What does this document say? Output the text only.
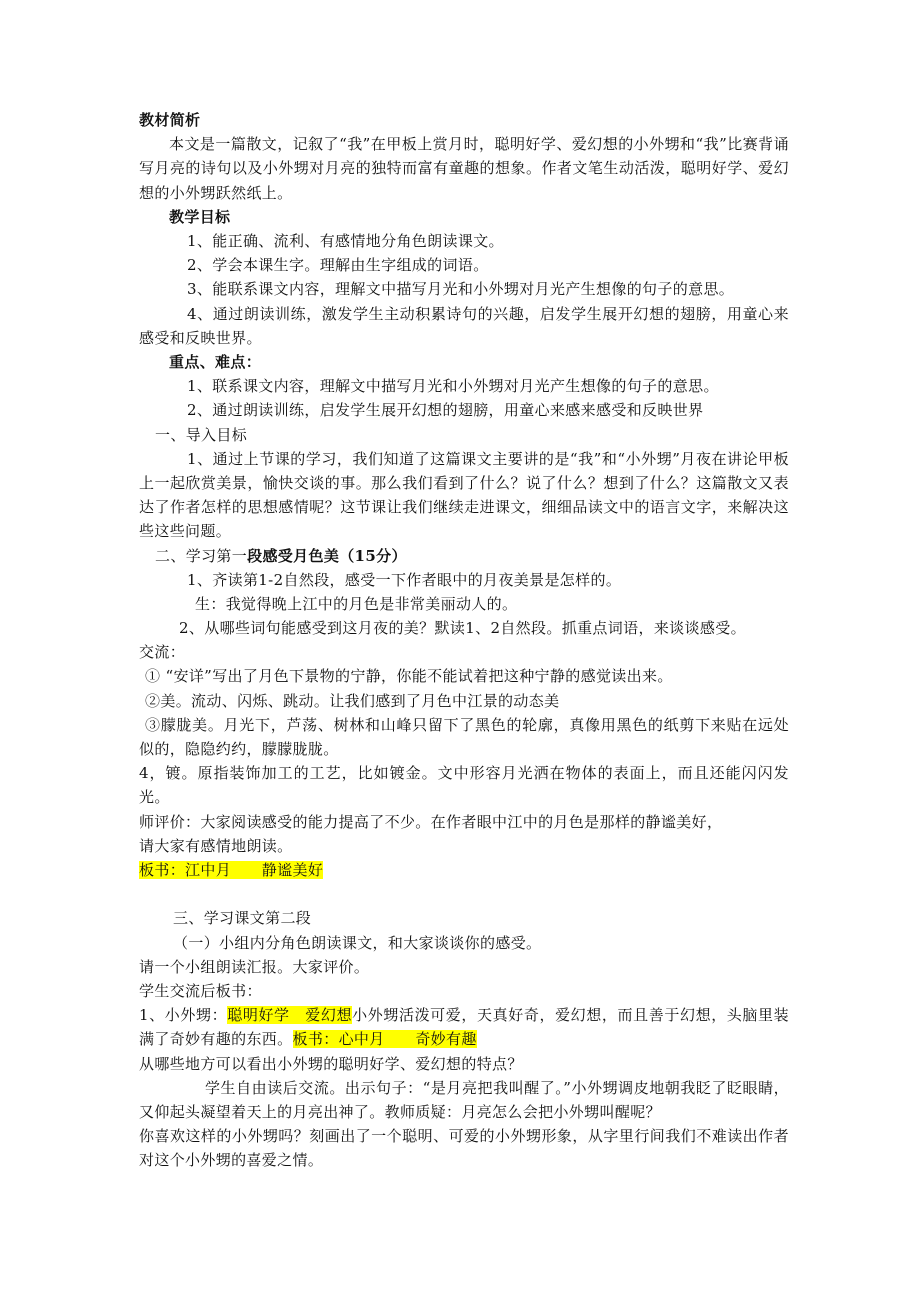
教材简析
本文是一篇散文，记叙了“我”在甲板上赏月时，聪明好学、爱幻想的小外甥和“我”比赛背诵写月亮的诗句以及小外甥对月亮的独特而富有童趣的想象。作者文笔生动活泼，聪明好学、爱幻想的小外甥跃然纸上。
教学目标
1、能正确、流利、有感情地分角色朗读课文。
2、学会本课生字。理解由生字组成的词语。
3、能联系课文内容，理解文中描写月光和小外甥对月光产生想像的句子的意思。
4、通过朗读训练，激发学生主动积累诗句的兴趣，启发学生展开幻想的翅膀，用童心来感受和反映世界。
重点、难点：
1、联系课文内容，理解文中描写月光和小外甥对月光产生想像的句子的意思。
2、通过朗读训练，启发学生展开幻想的翅膀，用童心来感来感受和反映世界
一、导入目标
1、通过上节课的学习，我们知道了这篇课文主要讲的是“我”和“小外甥”月夜在讲论甲板上一起欣赏美景，愉快交谈的事。那么我们看到了什么？说了什么？想到了什么？这篇散文又表达了作者怎样的思想感情呢？这节课让我们继续走进课文，细细品读文中的语言文字，来解决这些这些问题。
二、学习第一段感受月色美（15分）
1、齐读第1-2自然段，感受一下作者眼中的月夜美景是怎样的。
生：我觉得晚上江中的月色是非常美丽动人的。
2、从哪些词句能感受到这月夜的美？默读1、2自然段。抓重点词语，来谈谈感受。
交流：
① “安详”写出了月色下景物的宁静，你能不能试着把这种宁静的感觉读出来。
②美。流动、闪烁、跳动。让我们感到了月色中江景的动态美
③朦胧美。月光下，芦荡、树林和山峰只留下了黑色的轮廓，真像用黑色的纸剪下来贴在远处似的，隐隐约约，朦朦胧胧。
4，镀。原指装饰加工的工艺，比如镀金。文中形容月光洒在物体的表面上，而且还能闪闪发光。
师评价：大家阅读感受的能力提高了不少。在作者眼中江中的月色是那样的静谧美好，
请大家有感情地朗读。
板书：江中月　　静谧美好
三、学习课文第二段
（一）小组内分角色朗读课文，和大家谈谈你的感受。
请一个小组朗读汇报。大家评价。
学生交流后板书：
1、小外甥：聪明好学　爱幻想小外甥活泼可爱，天真好奇，爱幻想，而且善于幻想，头脑里装满了奇妙有趣的东西。板书：心中月　　奇妙有趣
从哪些地方可以看出小外甥的聪明好学、爱幻想的特点？
学生自由读后交流。出示句子：“是月亮把我叫醒了。”小外甥调皮地朝我眨了眨眼睛，又仰起头凝望着天上的月亮出神了。教师质疑：月亮怎么会把小外甥叫醒呢？
你喜欢这样的小外甥吗？刻画出了一个聪明、可爱的小外甥形象，从字里行间我们不难读出作者对这个小外甥的喜爱之情。
